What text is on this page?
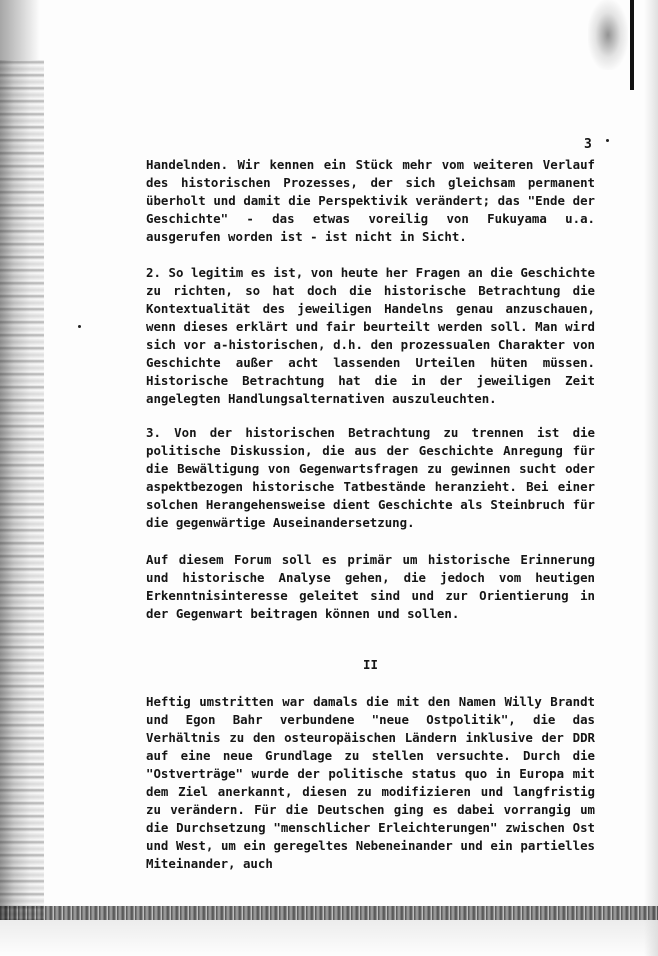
3

Handelnden. Wir kennen ein Stück mehr vom weiteren Verlauf des historischen Prozesses, der sich gleichsam permanent überholt und damit die Perspektivik verändert; das "Ende der Geschichte" - das etwas voreilig von Fukuyama u.a. ausgerufen worden ist - ist nicht in Sicht.

2. So legitim es ist, von heute her Fragen an die Geschichte zu richten, so hat doch die historische Betrachtung die Kontextualität des jeweiligen Handelns genau anzuschauen, wenn dieses erklärt und fair beurteilt werden soll. Man wird sich vor a-historischen, d.h. den prozessualen Charakter von Geschichte außer acht lassenden Urteilen hüten müssen. Historische Betrachtung hat die in der jeweiligen Zeit angelegten Handlungsalternativen auszuleuchten.

3. Von der historischen Betrachtung zu trennen ist die politische Diskussion, die aus der Geschichte Anregung für die Bewältigung von Gegenwartsfragen zu gewinnen sucht oder aspektbezogen historische Tatbestände heranzieht. Bei einer solchen Herangehensweise dient Geschichte als Steinbruch für die gegenwärtige Auseinandersetzung.

Auf diesem Forum soll es primär um historische Erinnerung und historische Analyse gehen, die jedoch vom heutigen Erkenntnisinteresse geleitet sind und zur Orientierung in der Gegenwart beitragen können und sollen.

II

Heftig umstritten war damals die mit den Namen Willy Brandt und Egon Bahr verbundene "neue Ostpolitik", die das Verhältnis zu den osteuropäischen Ländern inklusive der DDR auf eine neue Grundlage zu stellen versuchte. Durch die "Ostverträge" wurde der politische status quo in Europa mit dem Ziel anerkannt, diesen zu modifizieren und langfristig zu verändern. Für die Deutschen ging es dabei vorrangig um die Durchsetzung "menschlicher Erleichterungen" zwischen Ost und West, um ein geregeltes Nebeneinander und ein partielles Miteinander, auch
